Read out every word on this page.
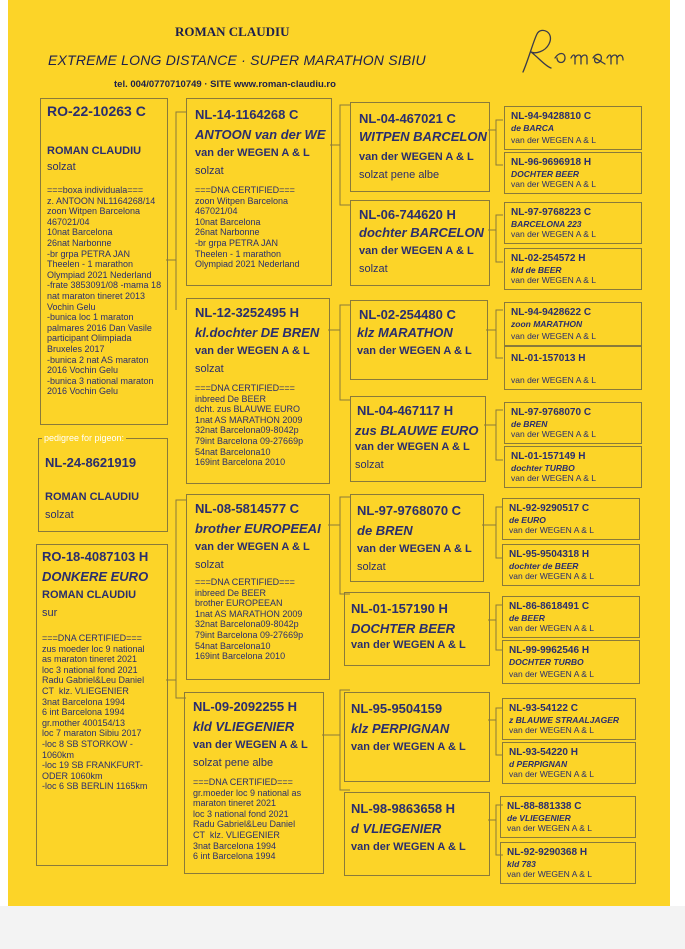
ROMAN CLAUDIU
EXTREME LONG DISTANCE · SUPER MARATHON SIBIU
tel. 004/0770710749 · SITE www.roman-claudiu.ro
RO-22-10263 C
ROMAN CLAUDIU
solzat
===boxa individuala===
z. ANTOON NL1164268/14
zoon Witpen Barcelona
467021/04
10nat Barcelona
26nat Narbonne
-br grpa PETRA JAN
Theelen - 1 marathon
Olympiad 2021 Nederland
-frate 3853091/08 -mama 18
nat maraton tineret 2013
Vochin Gelu
-bunica loc 1 maraton
palmares 2016 Dan Vasile
participant Olimpiada
Bruxeles 2017
-bunica 2 nat AS maraton
2016 Vochin Gelu
-bunica 3 national maraton
2016 Vochin Gelu
pedigree for pigeon:
NL-24-8621919
ROMAN CLAUDIU
solzat
RO-18-4087103 H
DONKERE EURO
ROMAN CLAUDIU
sur
===DNA CERTIFIED===
zus moeder loc 9 national
as maraton tineret 2021
loc 3 national fond 2021
Radu Gabriel&Leu Daniel
CT  klz. VLIEGENIER
3nat Barcelona 1994
6 int Barcelona 1994
gr.mother 400154/13
loc 7 maraton Sibiu 2017
-loc 8 SB STORKOW -
1060km
-loc 19 SB FRANKFURT-
ODER 1060km
-loc 6 SB BERLIN 1165km
NL-14-1164268 C
ANTOON van der WE
van der WEGEN A & L
solzat
===DNA CERTIFIED===
zoon Witpen Barcelona
467021/04
10nat Barcelona
26nat Narbonne
-br grpa PETRA JAN
Theelen - 1 marathon
Olympiad 2021 Nederland
NL-12-3252495 H
kl.dochter DE BREN
van der WEGEN A & L
solzat
===DNA CERTIFIED===
inbreed De BEER
dcht. zus BLAUWE EURO
1nat AS MARATHON 2009
32nat Barcelona09-8042p
79int Barcelona 09-27669p
54nat Barcelona10
169int Barcelona 2010
NL-08-5814577 C
brother EUROPEEAI
van der WEGEN A & L
solzat
===DNA CERTIFIED===
inbreed De BEER
brother EUROPEEAN
1nat AS MARATHON 2009
32nat Barcelona09-8042p
79int Barcelona 09-27669p
54nat Barcelona10
169int Barcelona 2010
NL-09-2092255 H
kld VLIEGENIER
van der WEGEN A & L
solzat pene albe
===DNA CERTIFIED===
gr.moeder loc 9 national as
maraton tineret 2021
loc 3 national fond 2021
Radu Gabriel&Leu Daniel
CT  klz. VLIEGENIER
3nat Barcelona 1994
6 int Barcelona 1994
NL-04-467021 C
WITPEN BARCELON
van der WEGEN A & L
solzat pene albe
NL-06-744620 H
dochter BARCELON
van der WEGEN A & L
solzat
NL-02-254480 C
klz MARATHON
van der WEGEN A & L
NL-04-467117 H
zus BLAUWE EURO
van der WEGEN A & L
solzat
NL-97-9768070 C
de BREN
van der WEGEN A & L
solzat
NL-01-157190 H
DOCHTER BEER
van der WEGEN A & L
NL-95-9504159
klz PERPIGNAN
van der WEGEN A & L
NL-98-9863658 H
d VLIEGENIER
van der WEGEN A & L
NL-94-9428810 C
de BARCA
van der WEGEN A & L
NL-96-9696918 H
DOCHTER BEER
van der WEGEN A & L
NL-97-9768223 C
BARCELONA 223
van der WEGEN A & L
NL-02-254572 H
kld de BEER
van der WEGEN A & L
NL-94-9428622 C
zoon MARATHON
van der WEGEN A & L
NL-01-157013 H
van der WEGEN A & L
NL-97-9768070 C
de BREN
van der WEGEN A & L
NL-01-157149 H
dochter TURBO
van der WEGEN A & L
NL-92-9290517 C
de EURO
van der WEGEN A & L
NL-95-9504318 H
dochter de BEER
van der WEGEN A & L
NL-86-8618491 C
de BEER
van der WEGEN A & L
NL-99-9962546 H
DOCHTER TURBO
van der WEGEN A & L
NL-93-54122 C
z BLAUWE STRAALJAGER
van der WEGEN A & L
NL-93-54220 H
d PERPIGNAN
van der WEGEN A & L
NL-88-881338 C
de VLIEGENIER
van der WEGEN A & L
NL-92-9290368 H
kld 783
van der WEGEN A & L
